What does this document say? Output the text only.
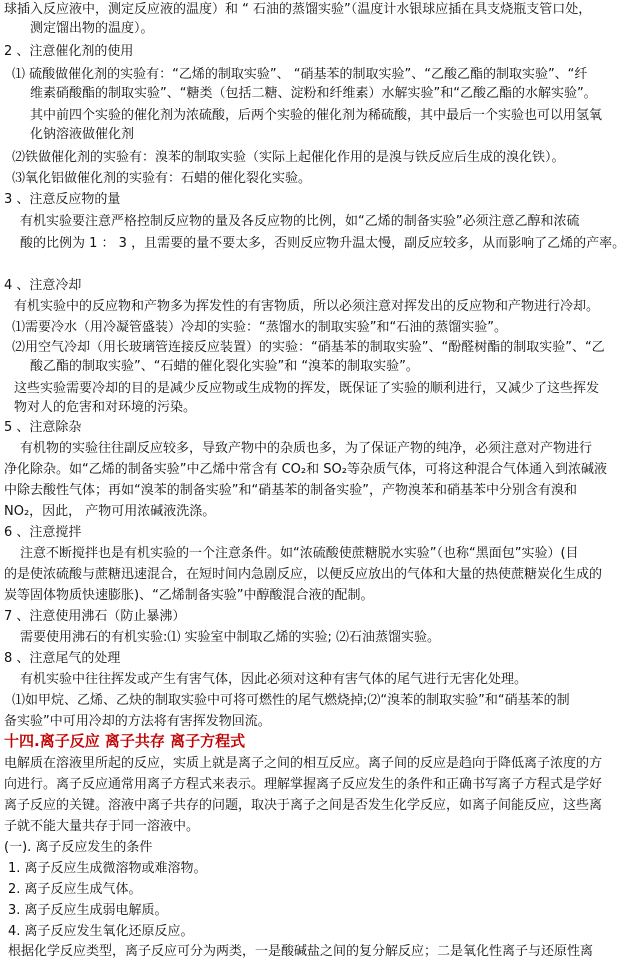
球插入反应液中，测定反应液的温度）和 “ 石油的蒸馏实验”（温度计水银球应插在具支烧瓶支管口处，
测定馏出物的温度）。
2 、注意催化剂的使用
⑴ 硫酸做催化剂的实验有：“乙烯的制取实验”、 “硝基苯的制取实验”、“乙酸乙酯的制取实验”、“纤
维素硝酸酯的制取实验”、“糖类（包括二糖、淀粉和纤维素）水解实验”和“乙酸乙酯的水解实验”。
其中前四个实验的催化剂为浓硫酸，后两个实验的催化剂为稀硫酸，其中最后一个实验也可以用氢氧
化钠溶液做催化剂
⑵铁做催化剂的实验有：溴苯的制取实验（实际上起催化作用的是溴与铁反应后生成的溴化铁）。
⑶氧化铝做催化剂的实验有：石蜡的催化裂化实验。
3 、注意反应物的量
有机实验要注意严格控制反应物的量及各反应物的比例，如“乙烯的制备实验”必须注意乙醇和浓硫
酸的比例为 1 ： 3 ，且需要的量不要太多，否则反应物升温太慢，副反应较多，从而影响了乙烯的产率。
4 、注意冷却
有机实验中的反应物和产物多为挥发性的有害物质，所以必须注意对挥发出的反应物和产物进行冷却。
⑴需要冷水（用冷凝管盛装）冷却的实验：“蒸馏水的制取实验”和“石油的蒸馏实验”。
⑵用空气冷却（用长玻璃管连接反应装置）的实验：“硝基苯的制取实验”、“酚醛树酯的制取实验”、“乙
酸乙酯的制取实验”、“石蜡的催化裂化实验”和 “溴苯的制取实验”。
这些实验需要冷却的目的是减少反应物或生成物的挥发，既保证了实验的顺利进行，又减少了这些挥发
物对人的危害和对环境的污染。
5 、注意除杂
有机物的实验往往副反应较多，导致产物中的杂质也多，为了保证产物的纯净，必须注意对产物进行
净化除杂。如“乙烯的制备实验”中乙烯中常含有 CO₂和 SO₂等杂质气体，可将这种混合气体通入到浓碱液
中除去酸性气体；再如“溴苯的制备实验”和“硝基苯的制备实验”，产物溴苯和硝基苯中分别含有溴和
NO₂，因此， 产物可用浓碱液洗涤。
6 、注意搅拌
注意不断搅拌也是有机实验的一个注意条件。如“浓硫酸使蔗糖脱水实验”（也称“黑面包”实验）(目
的是使浓硫酸与蔗糖迅速混合，在短时间内急剧反应，以便反应放出的气体和大量的热使蔗糖炭化生成的
炭等固体物质快速膨胀)、“乙烯制备实验”中醇酸混合液的配制。
7 、注意使用沸石（防止暴沸）
需要使用沸石的有机实验:⑴ 实验室中制取乙烯的实验; ⑵石油蒸馏实验。
8 、注意尾气的处理
有机实验中往往挥发或产生有害气体，因此必须对这种有害气体的尾气进行无害化处理。
⑴如甲烷、乙烯、乙炔的制取实验中可将可燃性的尾气燃烧掉;⑵“溴苯的制取实验”和“硝基苯的制
备实验”中可用冷却的方法将有害挥发物回流。
十四.离子反应 离子共存 离子方程式
电解质在溶液里所起的反应，实质上就是离子之间的相互反应。离子间的反应是趋向于降低离子浓度的方
向进行。离子反应通常用离子方程式来表示。理解掌握离子反应发生的条件和正确书写离子方程式是学好
离子反应的关键。溶液中离子共存的问题，取决于离子之间是否发生化学反应，如离子间能反应，这些离
子就不能大量共存于同一溶液中。
(一). 离子反应发生的条件
1. 离子反应生成微溶物或难溶物。
2. 离子反应生成气体。
3. 离子反应生成弱电解质。
4. 离子反应发生氧化还原反应。
根据化学反应类型，离子反应可分为两类，一是酸碱盐之间的复分解反应；二是氧化性离子与还原性离
